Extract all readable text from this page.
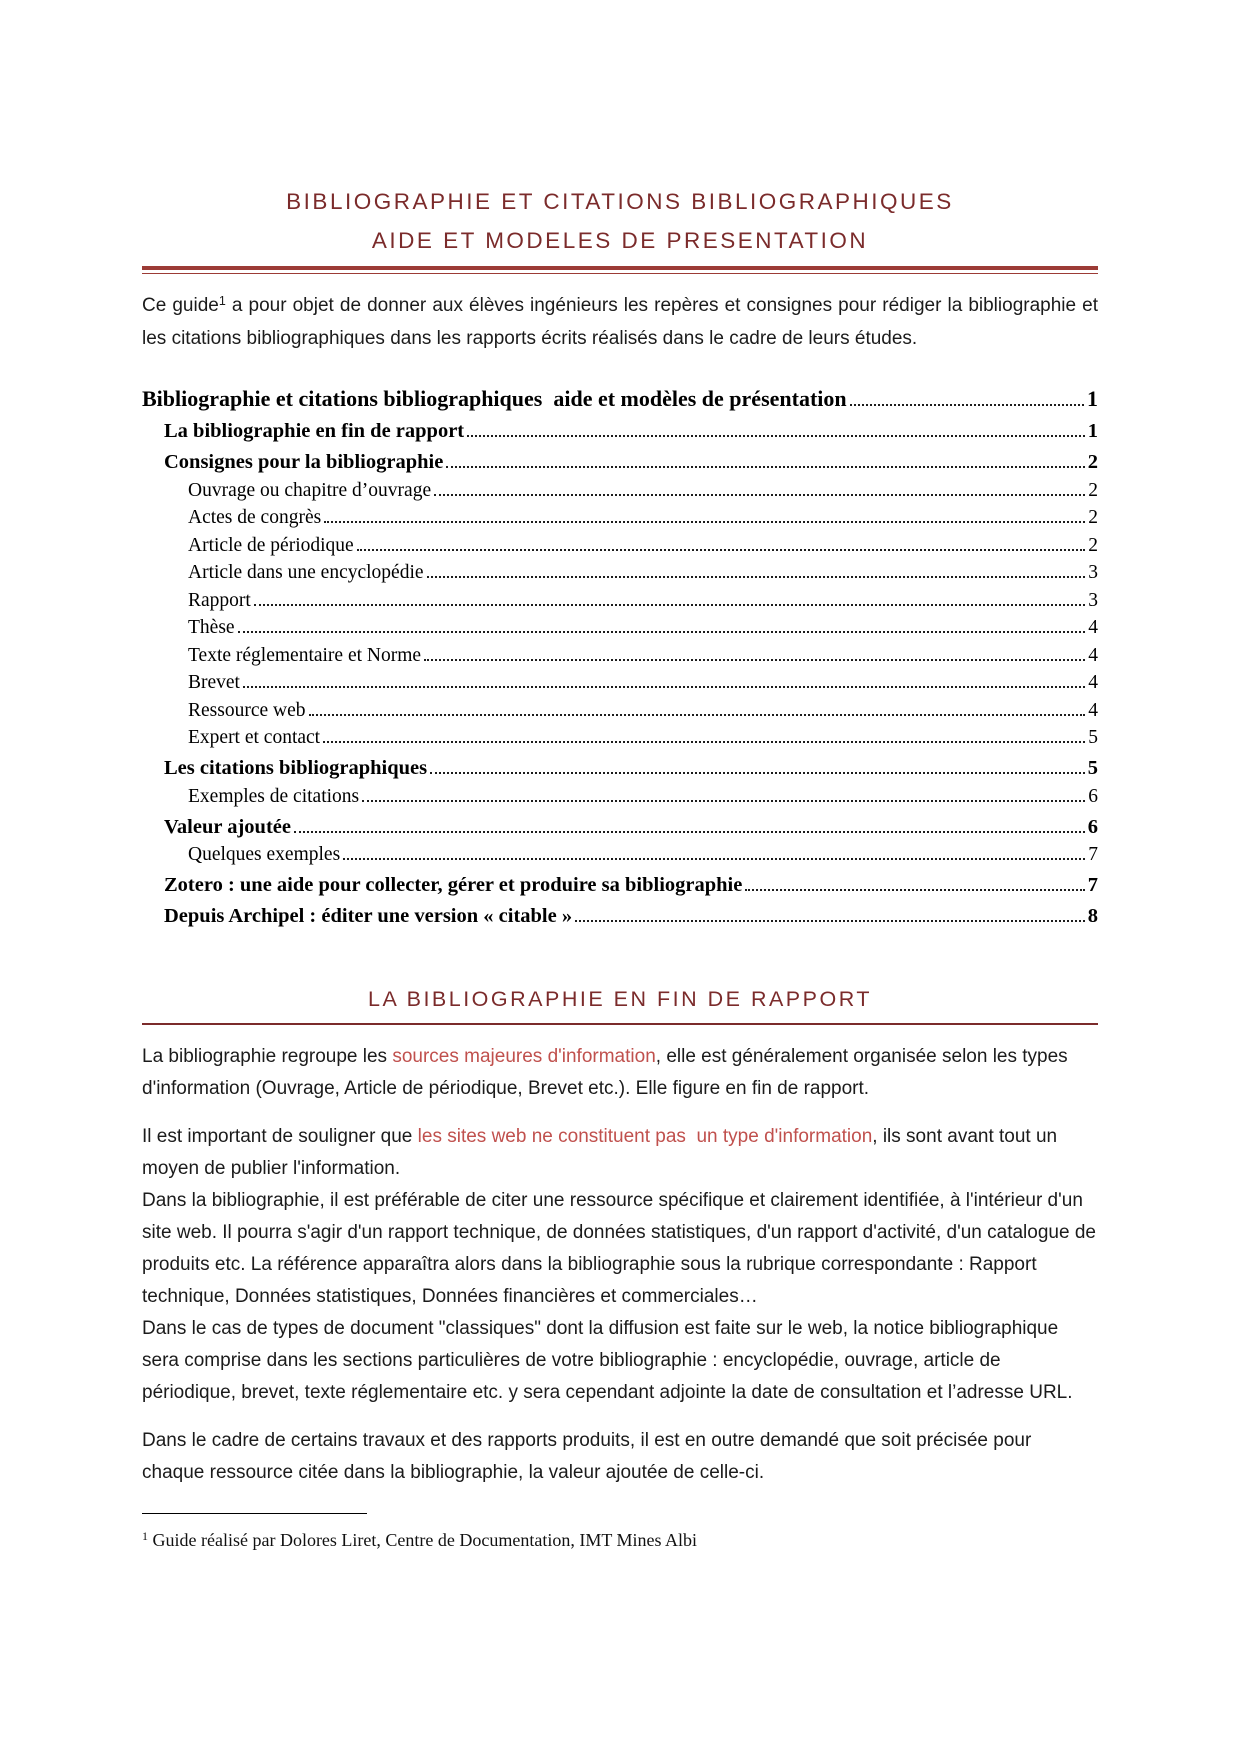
BIBLIOGRAPHIE ET CITATIONS BIBLIOGRAPHIQUES
AIDE ET MODELES DE PRESENTATION

Ce guide$^1$ a pour objet de donner aux élèves ingénieurs les repères et consignes pour rédiger la bibliographie et les citations bibliographiques dans les rapports écrits réalisés dans le cadre de leurs études.

Bibliographie et citations bibliographiques  aide et modèles de présentation	1
La bibliographie en fin de rapport	1
Consignes pour la bibliographie	2
Ouvrage ou chapitre d’ouvrage	2
Actes de congrès	2
Article de périodique	2
Article dans une encyclopédie	3
Rapport	3
Thèse	4
Texte réglementaire et Norme	4
Brevet	4
Ressource web	4
Expert et contact	5
Les citations bibliographiques	5
Exemples de citations	6
Valeur ajoutée	6
Quelques exemples	7
Zotero : une aide pour collecter, gérer et produire sa bibliographie	7
Depuis Archipel : éditer une version « citable »	8
LA BIBLIOGRAPHIE EN FIN DE RAPPORT

La bibliographie regroupe les sources majeures d'information, elle est généralement organisée selon les types d'information (Ouvrage, Article de périodique, Brevet etc.). Elle figure en fin de rapport.

Il est important de souligner que les sites web ne constituent pas  un type d'information, ils sont avant tout un moyen de publier l'information.

Dans la bibliographie, il est préférable de citer une ressource spécifique et clairement identifiée, à l'intérieur d'un site web. Il pourra s'agir d'un rapport technique, de données statistiques, d'un rapport d'activité, d'un catalogue de produits etc. La référence apparaîtra alors dans la bibliographie sous la rubrique correspondante : Rapport technique, Données statistiques, Données financières et commerciales…

Dans le cas de types de document "classiques" dont la diffusion est faite sur le web, la notice bibliographique sera comprise dans les sections particulières de votre bibliographie : encyclopédie, ouvrage, article de périodique, brevet, texte réglementaire etc. y sera cependant adjointe la date de consultation et l’adresse URL.

Dans le cadre de certains travaux et des rapports produits, il est en outre demandé que soit précisée pour chaque ressource citée dans la bibliographie, la valeur ajoutée de celle-ci.

$^1$ Guide réalisé par Dolores Liret, Centre de Documentation, IMT Mines Albi
